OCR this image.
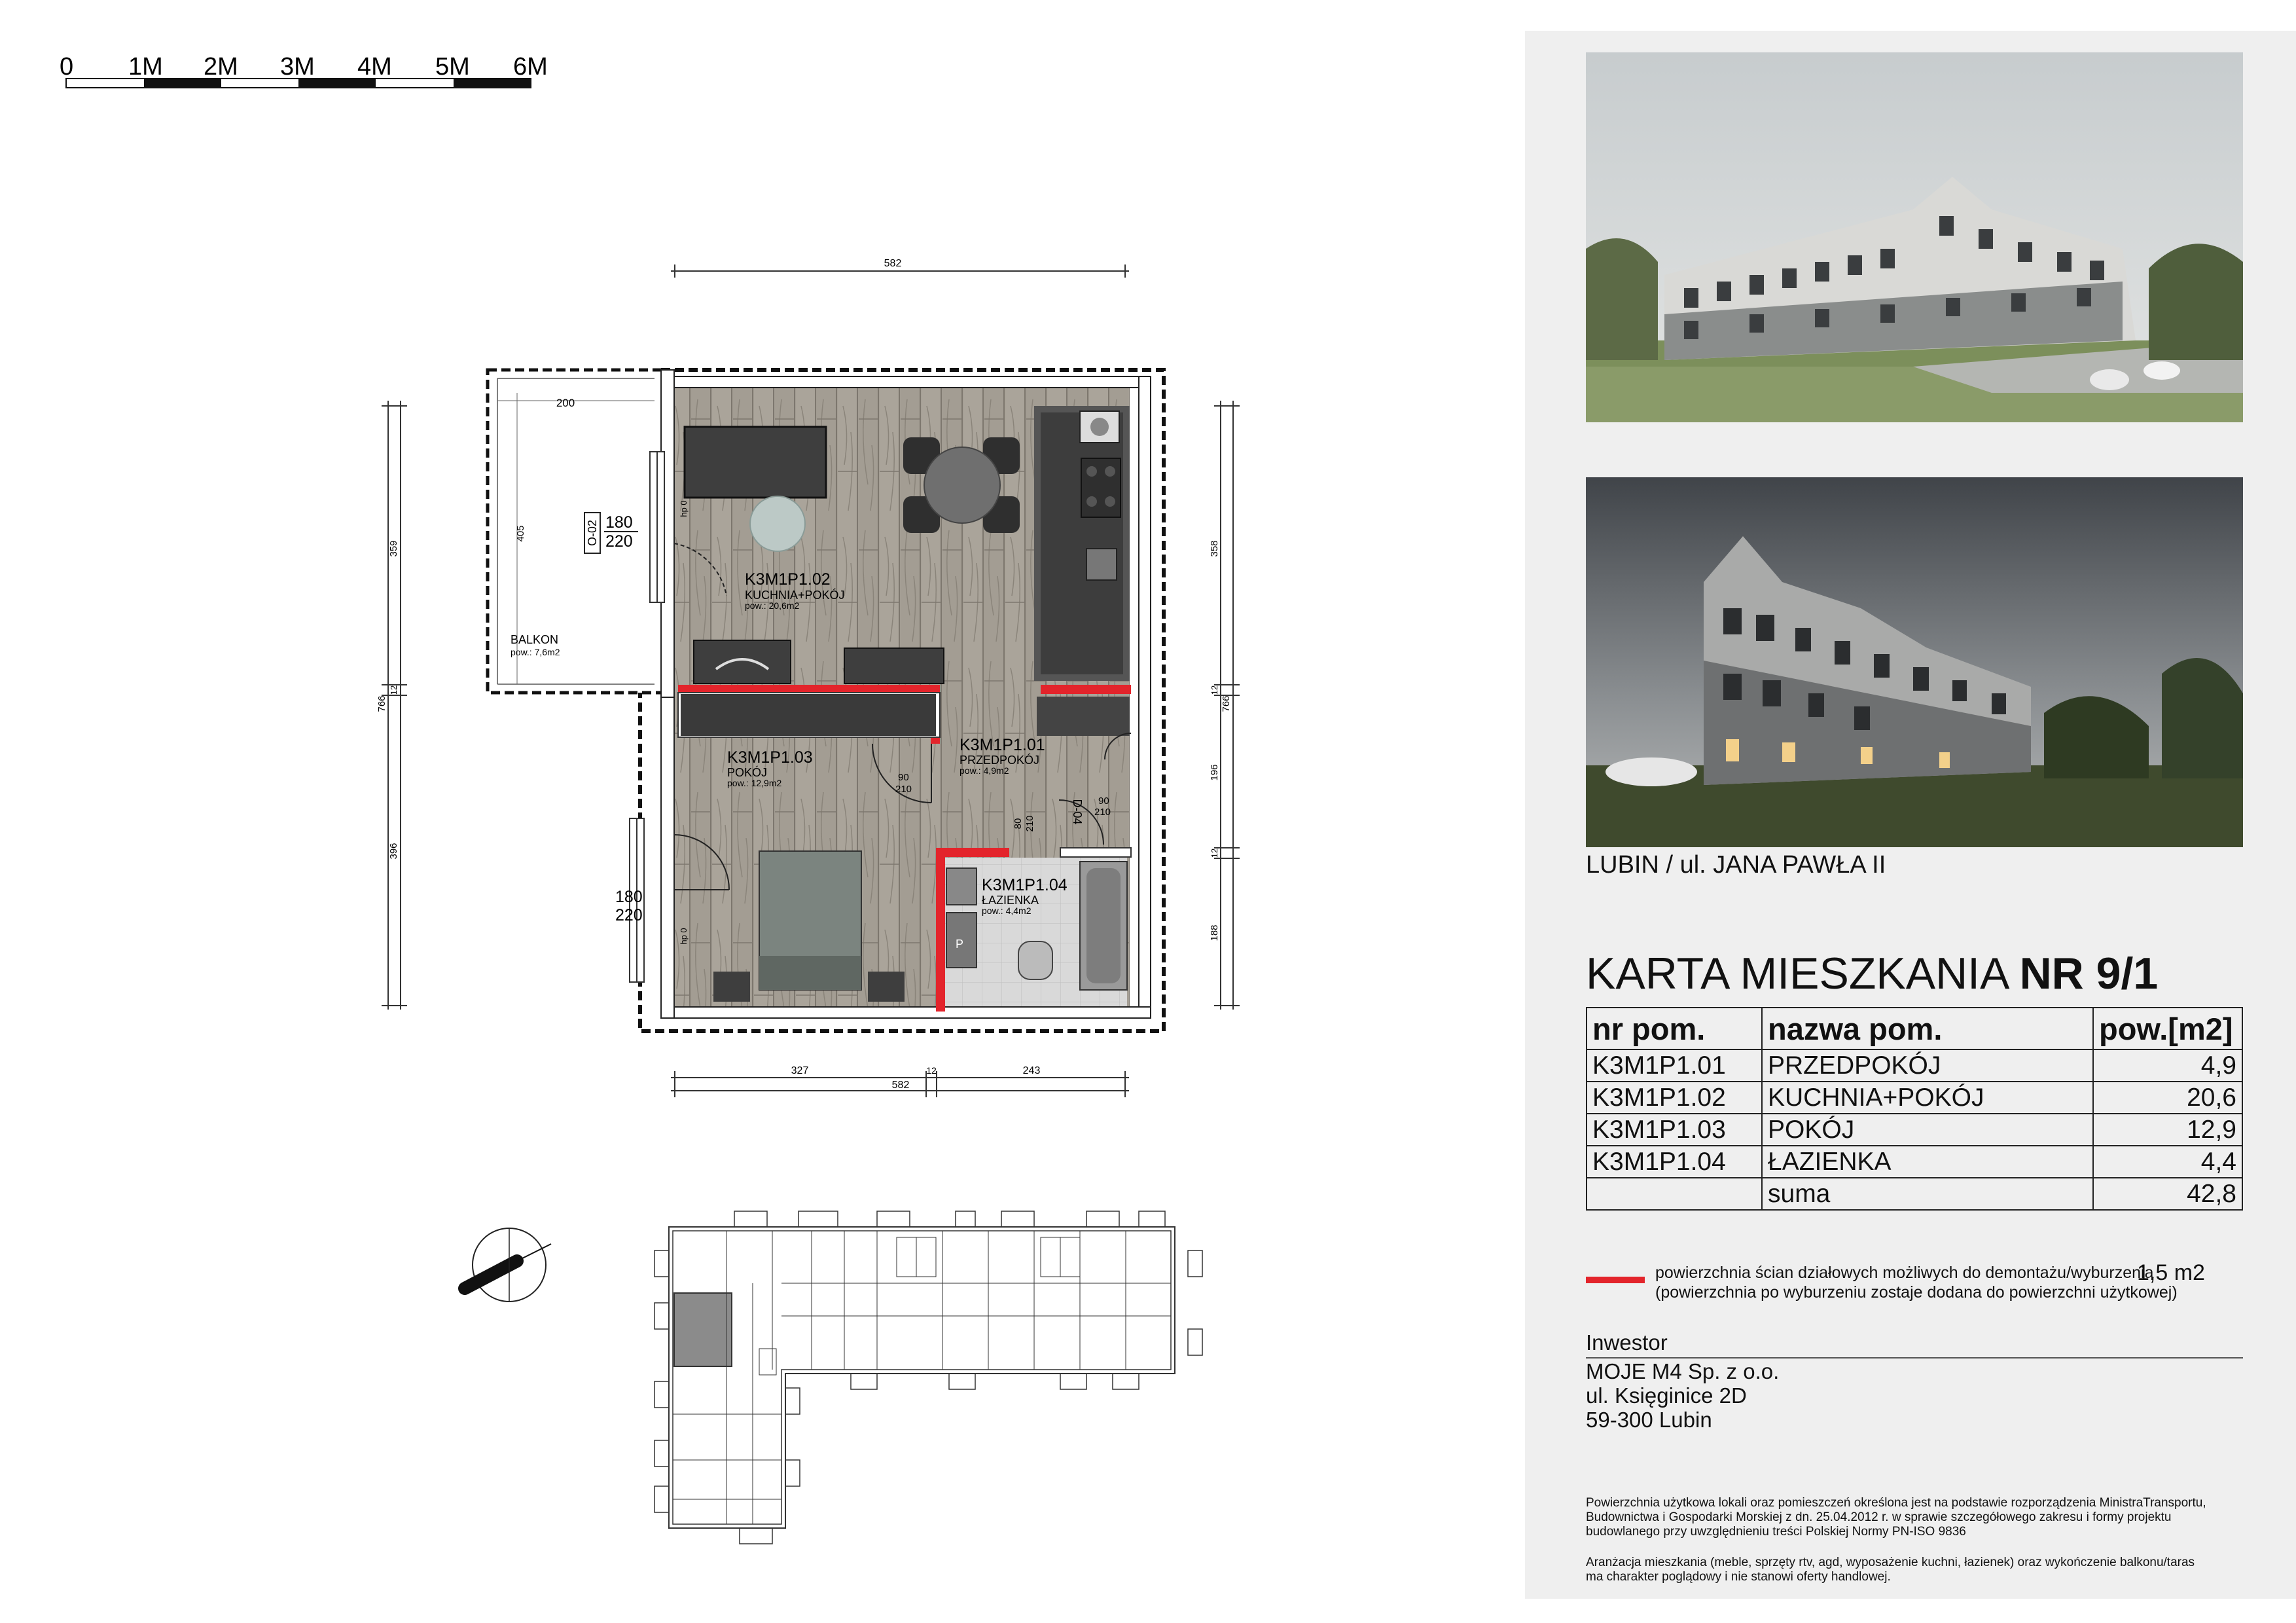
0 1M 2M 3M 4M 5M 6M
582
327	12	243
582
766
359
12
396
358
12
766
196
12
188
200
405
BALKON
pow.: 7,6m2
P
O-02 180
220
180
220
hp 0
hp 0
D-04
90
210
80 210
90
210
K3M1P1.02
KUCHNIA+POKÓJ
pow.: 20,6m2
K3M1P1.01
PRZEDPOKÓJ
pow.: 4,9m2
K3M1P1.03
POKÓJ
pow.: 12,9m2
K3M1P1.04
ŁAZIENKA
pow.: 4,4m2
LUBIN / ul. JANA PAWŁA II
KARTA MIESZKANIA NR 9/1
nr pom.	nazwa pom.	pow.[m2]
K3M1P1.01	PRZEDPOKÓJ	4,9
K3M1P1.02	KUCHNIA+POKÓJ	20,6
K3M1P1.03	POKÓJ	12,9
K3M1P1.04	ŁAZIENKA	4,4
	suma	42,8
powierzchnia ścian działowych możliwych do demontażu/wyburzenia
(powierzchnia po wyburzeniu zostaje dodana do powierzchni użytkowej)
1,5 m2
Inwestor
MOJE M4 Sp. z o.o.
ul. Księginice 2D
59-300 Lubin
Powierzchnia użytkowa lokali oraz pomieszczeń określona jest na podstawie rozporządzenia MinistraTransportu,
Budownictwa i Gospodarki Morskiej z dn. 25.04.2012 r. w sprawie szczegółowego zakresu i formy projektu
budowlanego przy uwzględnieniu treści Polskiej Normy PN-ISO 9836
Aranżacja mieszkania (meble, sprzęty rtv, agd, wyposażenie kuchni, łazienek) oraz wykończenie balkonu/taras
ma charakter poglądowy i nie stanowi oferty handlowej.
